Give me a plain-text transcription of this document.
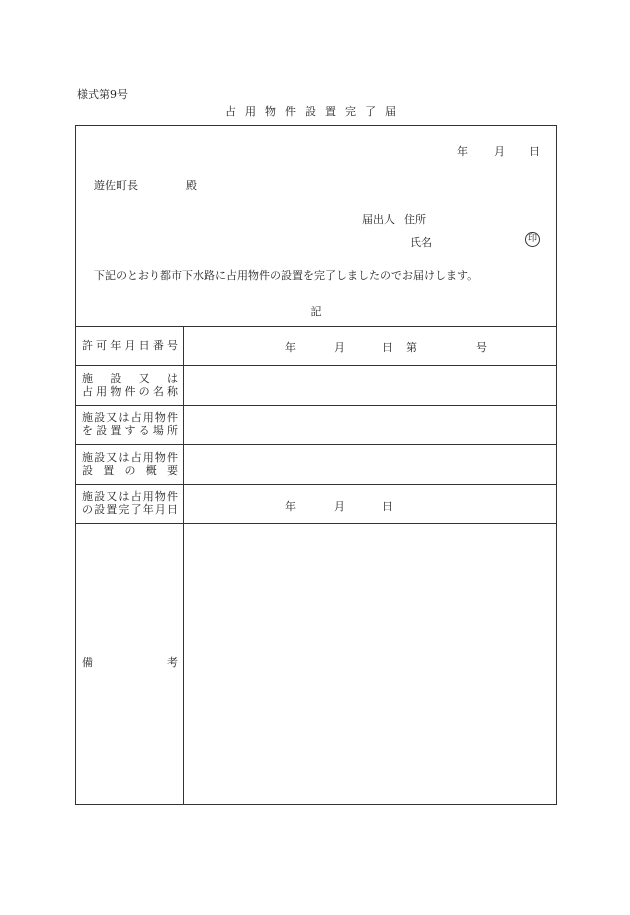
様式第9号
占用物件設置完了届
年 月 日
遊佐町長	殿
届出人 住所
氏名	印
下記のとおり都市下水路に占用物件の設置を完了しましたのでお届けします。
記
許可年月日番号	年	月	日 第	号
施設又は
占用物件の名称
施設又は占用物件
を設置する場所
施設又は占用物件
設置の概要
施設又は占用物件
の設置完了年月日	年	月	日
備考
